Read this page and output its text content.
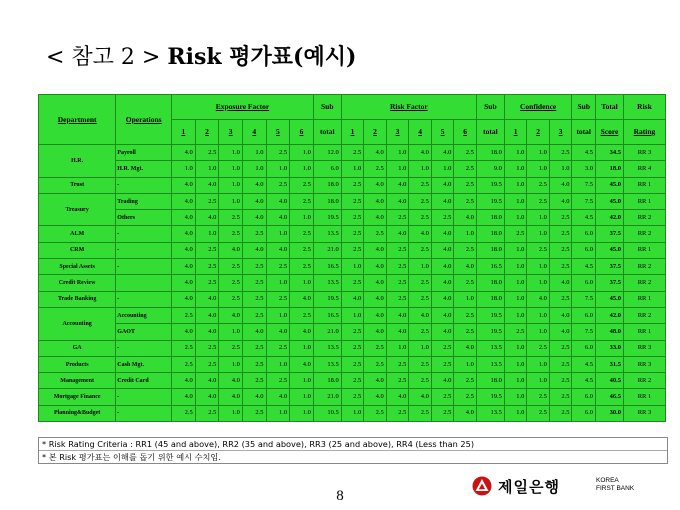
< 참고 2 > Risk 평가표(예시)
Department	Operations	Exposure Factor						Sub	Risk Factor						Sub	Confidence			Sub	Total	Risk
		1	2	3	4	5	6	total	1	2	3	4	5	6	total	1	2	3	total	Score	Rating
H.R.	Payroll	4.0	2.5	1.0	1.0	2.5	1.0	12.0	2.5	4.0	1.0	4.0	4.0	2.5	18.0	1.0	1.0	2.5	4.5	34.5	RR 3
	H.R. Mgt.	1.0	1.0	1.0	1.0	1.0	1.0	6.0	1.0	2.5	1.0	1.0	1.0	2.5	9.0	1.0	1.0	1.0	3.0	18.0	RR 4
Trust	-	4.0	4.0	1.0	4.0	2.5	2.5	18.0	2.5	4.0	4.0	2.5	4.0	2.5	19.5	1.0	2.5	4.0	7.5	45.0	RR 1
Treasury	Trading	4.0	2.5	1.0	4.0	4.0	2.5	18.0	2.5	4.0	4.0	2.5	4.0	2.5	19.5	1.0	2.5	4.0	7.5	45.0	RR 1
	Others	4.0	4.0	2.5	4.0	4.0	1.0	19.5	2.5	4.0	2.5	2.5	2.5	4.0	18.0	1.0	1.0	2.5	4.5	42.0	RR 2
ALM	-	4.0	1.0	2.5	2.5	1.0	2.5	13.5	2.5	2.5	4.0	4.0	4.0	1.0	18.0	2.5	1.0	2.5	6.0	37.5	RR 2
CRM	-	4.0	2.5	4.0	4.0	4.0	2.5	21.0	2.5	4.0	2.5	2.5	4.0	2.5	18.0	1.0	2.5	2.5	6.0	45.0	RR 1
Special Assets	-	4.0	2.5	2.5	2.5	2.5	2.5	16.5	1.0	4.0	2.5	1.0	4.0	4.0	16.5	1.0	1.0	2.5	4.5	37.5	RR 2
Credit Review		4.0	2.5	2.5	2.5	1.0	1.0	13.5	2.5	4.0	2.5	2.5	4.0	2.5	18.0	1.0	1.0	4.0	6.0	37.5	RR 2
Trade Banking	-	4.0	4.0	2.5	2.5	2.5	4.0	19.5	4.0	4.0	2.5	2.5	4.0	1.0	18.0	1.0	4.0	2.5	7.5	45.0	RR 1
Accounting	Accounting	2.5	4.0	4.0	2.5	1.0	2.5	16.5	1.0	4.0	4.0	4.0	4.0	2.5	19.5	1.0	1.0	4.0	6.0	42.0	RR 2
	GAOT	4.0	4.0	1.0	4.0	4.0	4.0	21.0	2.5	4.0	4.0	2.5	4.0	2.5	19.5	2.5	1.0	4.0	7.5	48.0	RR 1
GA	-	2.5	2.5	2.5	2.5	2.5	1.0	13.5	2.5	2.5	1.0	1.0	2.5	4.0	13.5	1.0	2.5	2.5	6.0	33.0	RR 3
Products	Cash Mgt.	2.5	2.5	1.0	2.5	1.0	4.0	13.5	2.5	2.5	2.5	2.5	2.5	1.0	13.5	1.0	1.0	2.5	4.5	31.5	RR 3
Management	Credit Card	4.0	4.0	4.0	2.5	2.5	1.0	18.0	2.5	4.0	2.5	2.5	4.0	2.5	18.0	1.0	1.0	2.5	4.5	40.5	RR 2
Mortgage Finance	-	4.0	4.0	4.0	4.0	4.0	1.0	21.0	2.5	4.0	4.0	4.0	2.5	2.5	19.5	1.0	2.5	2.5	6.0	46.5	RR 1
Planning&Budget	-	2.5	2.5	1.0	2.5	1.0	1.0	10.5	1.0	2.5	2.5	2.5	2.5	4.0	13.5	1.0	2.5	2.5	6.0	30.0	RR 3
* Risk Rating Criteria : RR1 (45 and above), RR2 (35 and above), RR3 (25 and above), RR4 (Less than 25)
* 본 Risk 평가표는 이해를 돕기 위한 예시 수치임.
8	제일은행	KOREA
FIRST BANK
